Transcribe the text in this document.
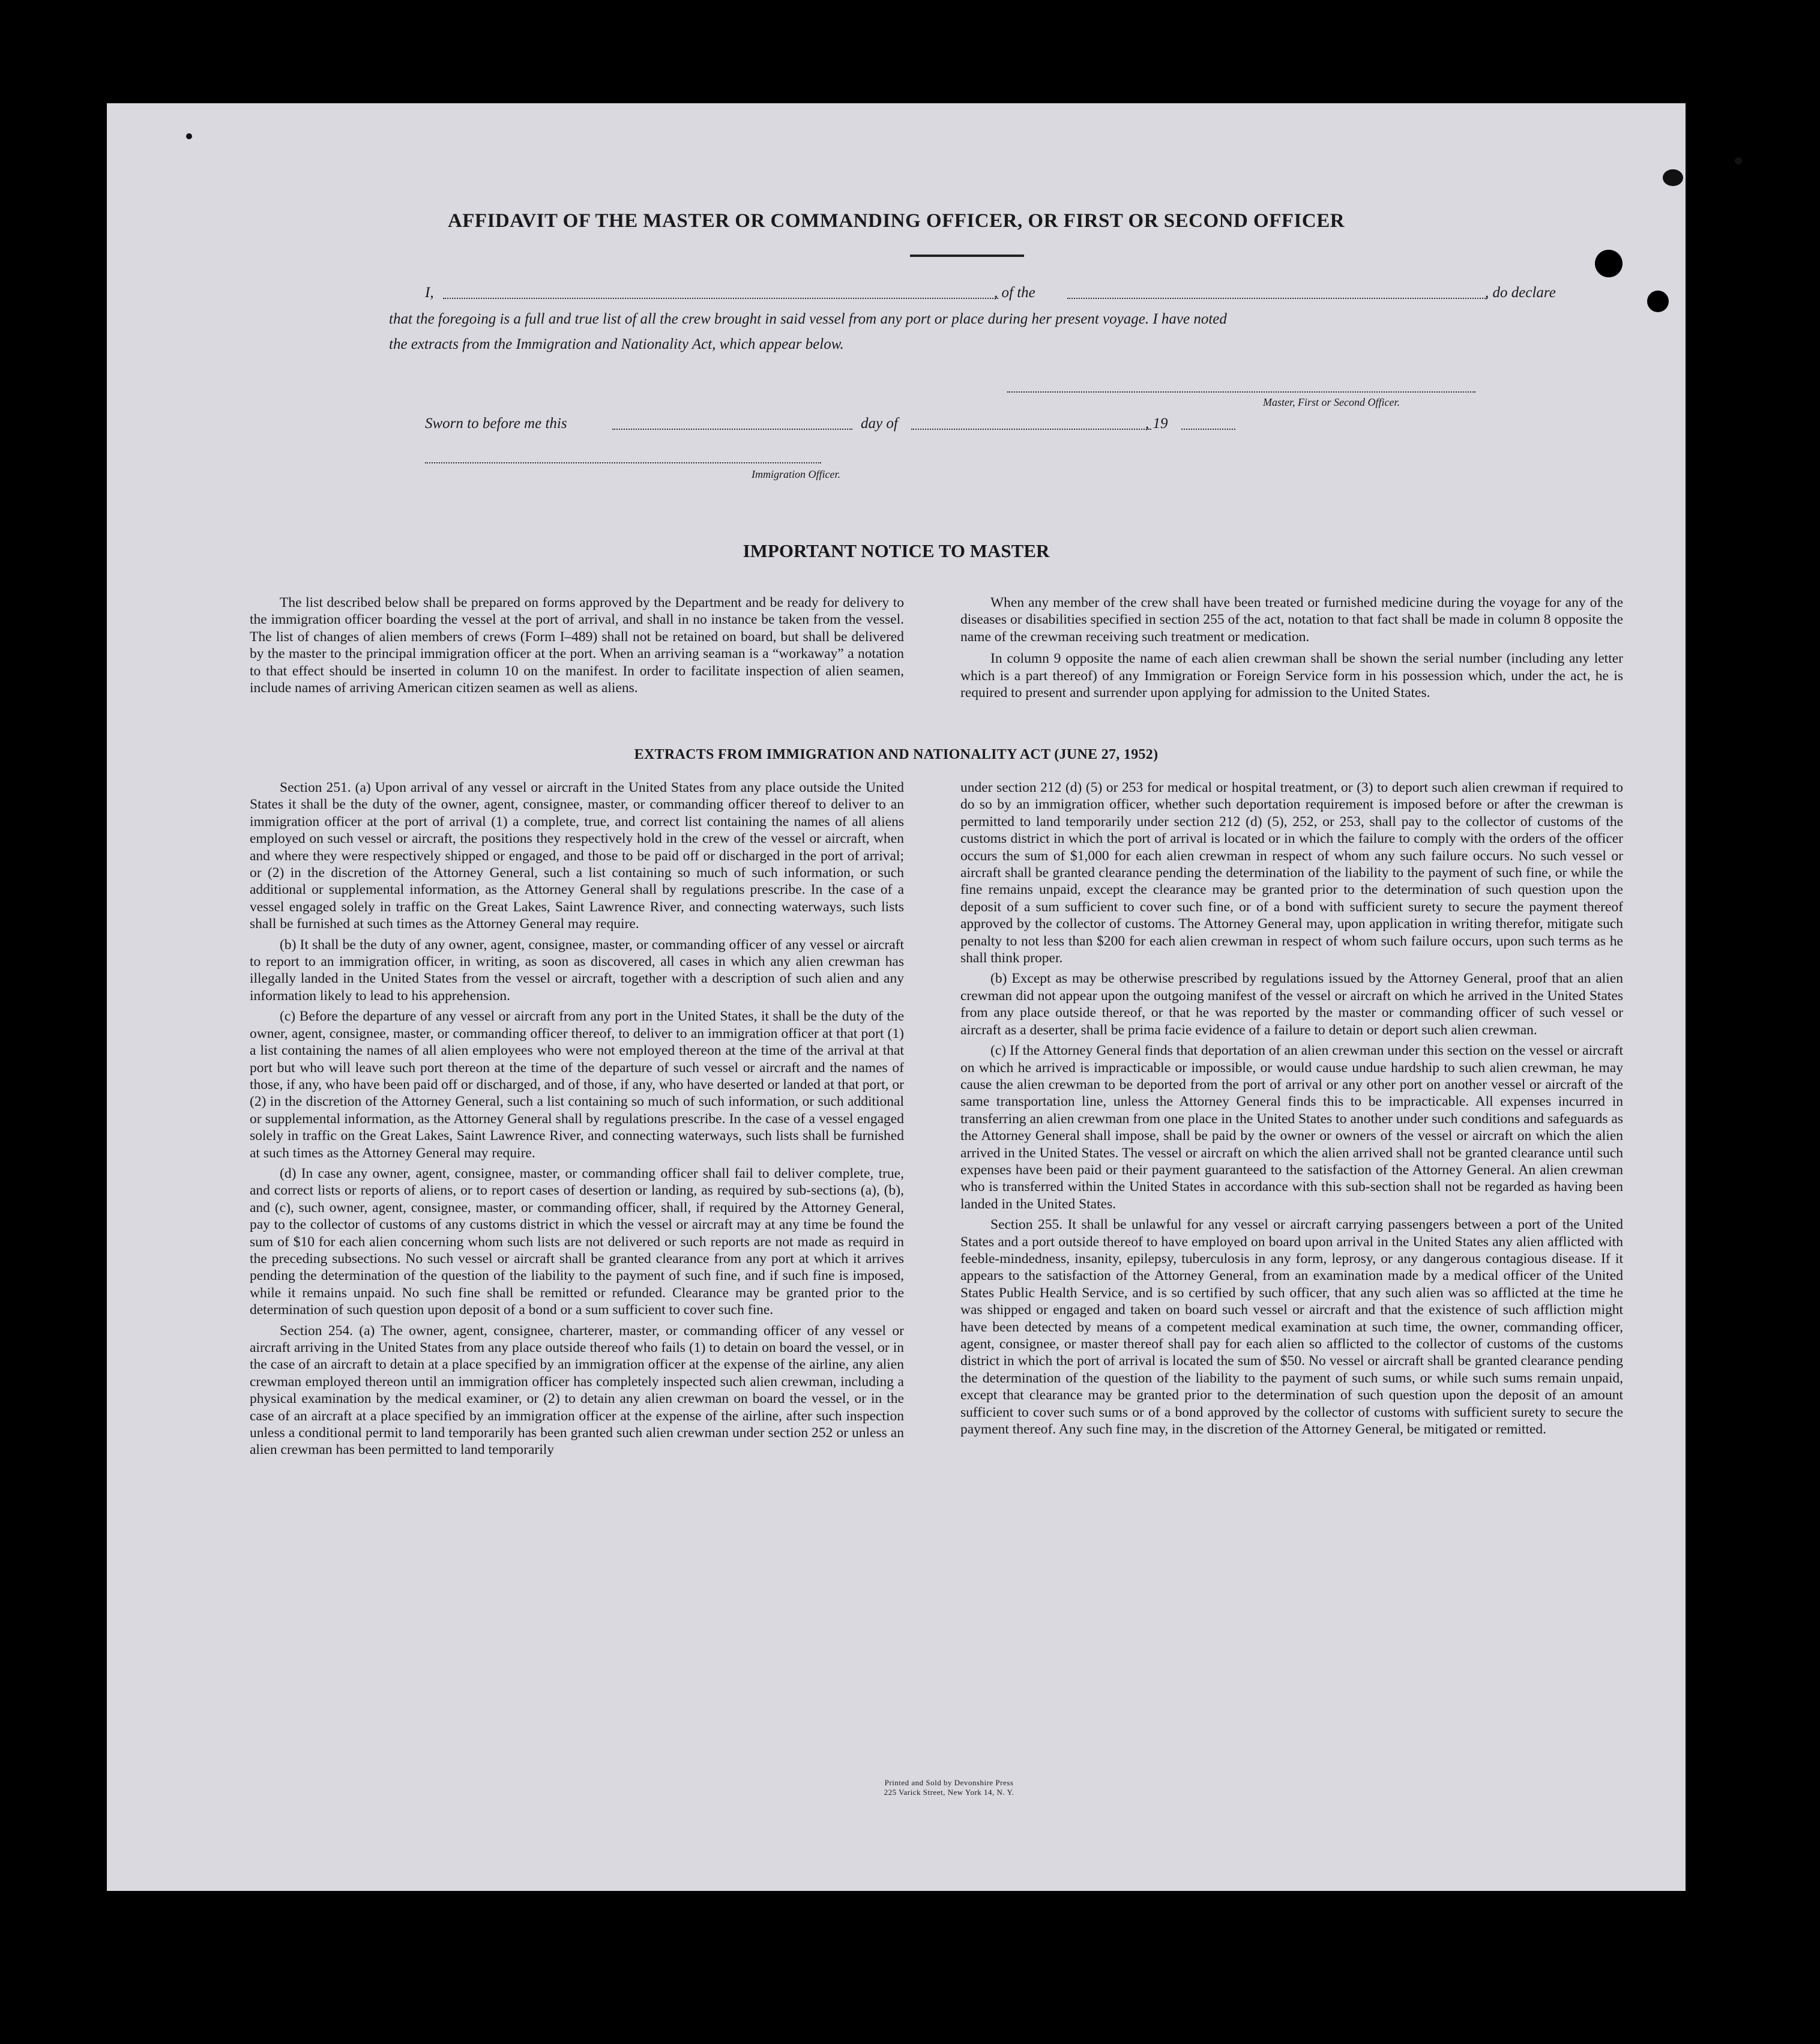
AFFIDAVIT OF THE MASTER OR COMMANDING OFFICER, OR FIRST OR SECOND OFFICER
I,	, of the	, do declare
that the foregoing is a full and true list of all the crew brought in said vessel from any port or place during her present voyage. I have noted
the extracts from the Immigration and Nationality Act, which appear below.
Master, First or Second Officer.
Sworn to before me this	day of	, 19
Immigration Officer.
IMPORTANT NOTICE TO MASTER

The list described below shall be prepared on forms approved by the Department and be ready for delivery to the immigration officer boarding the vessel at the port of arrival, and shall in no instance be taken from the vessel. The list of changes of alien members of crews (Form I–489) shall not be retained on board, but shall be delivered by the master to the principal immigration officer at the port. When an arriving seaman is a “workaway” a notation to that effect should be inserted in column 10 on the manifest. In order to facilitate inspection of alien seamen, include names of arriving American citizen seamen as well as aliens.

When any member of the crew shall have been treated or furnished medicine during the voyage for any of the diseases or disabilities specified in section 255 of the act, notation to that fact shall be made in column 8 opposite the name of the crewman receiving such treatment or medication.

In column 9 opposite the name of each alien crewman shall be shown the serial number (including any letter which is a part thereof) of any Immigration or Foreign Service form in his possession which, under the act, he is required to present and surrender upon applying for admission to the United States.

EXTRACTS FROM IMMIGRATION AND NATIONALITY ACT (JUNE 27, 1952)

Section 251. (a) Upon arrival of any vessel or aircraft in the United States from any place outside the United States it shall be the duty of the owner, agent, consignee, master, or commanding officer thereof to deliver to an immigration officer at the port of arrival (1) a complete, true, and correct list containing the names of all aliens employed on such vessel or aircraft, the positions they respectively hold in the crew of the vessel or aircraft, when and where they were respectively shipped or engaged, and those to be paid off or discharged in the port of arrival; or (2) in the discretion of the Attorney General, such a list containing so much of such information, or such additional or supplemental information, as the Attorney General shall by regulations prescribe. In the case of a vessel engaged solely in traffic on the Great Lakes, Saint Lawrence River, and connecting waterways, such lists shall be furnished at such times as the Attorney General may require.

(b) It shall be the duty of any owner, agent, consignee, master, or commanding officer of any vessel or aircraft to report to an immigration officer, in writing, as soon as discovered, all cases in which any alien crewman has illegally landed in the United States from the vessel or aircraft, together with a description of such alien and any information likely to lead to his apprehension.

(c) Before the departure of any vessel or aircraft from any port in the United States, it shall be the duty of the owner, agent, consignee, master, or commanding officer thereof, to deliver to an immigration officer at that port (1) a list containing the names of all alien employees who were not employed thereon at the time of the arrival at that port but who will leave such port thereon at the time of the departure of such vessel or aircraft and the names of those, if any, who have been paid off or discharged, and of those, if any, who have deserted or landed at that port, or (2) in the discretion of the Attorney General, such a list containing so much of such information, or such additional or supplemental information, as the Attorney General shall by regulations prescribe. In the case of a vessel engaged solely in traffic on the Great Lakes, Saint Lawrence River, and connecting waterways, such lists shall be furnished at such times as the Attorney General may require.

(d) In case any owner, agent, consignee, master, or commanding officer shall fail to deliver complete, true, and correct lists or reports of aliens, or to report cases of desertion or landing, as required by sub-sections (a), (b), and (c), such owner, agent, consignee, master, or commanding officer, shall, if required by the Attorney General, pay to the collector of customs of any customs district in which the vessel or aircraft may at any time be found the sum of $10 for each alien concerning whom such lists are not delivered or such reports are not made as requird in the preceding subsections. No such vessel or aircraft shall be granted clearance from any port at which it arrives pending the determination of the question of the liability to the payment of such fine, and if such fine is imposed, while it remains unpaid. No such fine shall be remitted or refunded. Clearance may be granted prior to the determination of such question upon deposit of a bond or a sum sufficient to cover such fine.

Section 254. (a) The owner, agent, consignee, charterer, master, or commanding officer of any vessel or aircraft arriving in the United States from any place outside thereof who fails (1) to detain on board the vessel, or in the case of an aircraft to detain at a place specified by an immigration officer at the expense of the airline, any alien crewman employed thereon until an immigration officer has completely inspected such alien crewman, including a physical examination by the medical examiner, or (2) to detain any alien crewman on board the vessel, or in the case of an aircraft at a place specified by an immigration officer at the expense of the airline, after such inspection unless a conditional permit to land temporarily has been granted such alien crewman under section 252 or unless an alien crewman has been permitted to land temporarily

under section 212 (d) (5) or 253 for medical or hospital treatment, or (3) to deport such alien crewman if required to do so by an immigration officer, whether such deportation requirement is imposed before or after the crewman is permitted to land temporarily under section 212 (d) (5), 252, or 253, shall pay to the collector of customs of the customs district in which the port of arrival is located or in which the failure to comply with the orders of the officer occurs the sum of $1,000 for each alien crewman in respect of whom any such failure occurs. No such vessel or aircraft shall be granted clearance pending the determination of the liability to the payment of such fine, or while the fine remains unpaid, except the clearance may be granted prior to the determination of such question upon the deposit of a sum sufficient to cover such fine, or of a bond with sufficient surety to secure the payment thereof approved by the collector of customs. The Attorney General may, upon application in writing therefor, mitigate such penalty to not less than $200 for each alien crewman in respect of whom such failure occurs, upon such terms as he shall think proper.

(b) Except as may be otherwise prescribed by regulations issued by the Attorney General, proof that an alien crewman did not appear upon the outgoing manifest of the vessel or aircraft on which he arrived in the United States from any place outside thereof, or that he was reported by the master or commanding officer of such vessel or aircraft as a deserter, shall be prima facie evidence of a failure to detain or deport such alien crewman.

(c) If the Attorney General finds that deportation of an alien crewman under this section on the vessel or aircraft on which he arrived is impracticable or impossible, or would cause undue hardship to such alien crewman, he may cause the alien crewman to be deported from the port of arrival or any other port on another vessel or aircraft of the same transportation line, unless the Attorney General finds this to be impracticable. All expenses incurred in transferring an alien crewman from one place in the United States to another under such conditions and safeguards as the Attorney General shall impose, shall be paid by the owner or owners of the vessel or aircraft on which the alien arrived in the United States. The vessel or aircraft on which the alien arrived shall not be granted clearance until such expenses have been paid or their payment guaranteed to the satisfaction of the Attorney General. An alien crewman who is transferred within the United States in accordance with this sub-section shall not be regarded as having been landed in the United States.

Section 255. It shall be unlawful for any vessel or aircraft carrying passengers between a port of the United States and a port outside thereof to have employed on board upon arrival in the United States any alien afflicted with feeble-mindedness, insanity, epilepsy, tuberculosis in any form, leprosy, or any dangerous contagious disease. If it appears to the satisfaction of the Attorney General, from an examination made by a medical officer of the United States Public Health Service, and is so certified by such officer, that any such alien was so afflicted at the time he was shipped or engaged and taken on board such vessel or aircraft and that the existence of such affliction might have been detected by means of a competent medical examination at such time, the owner, commanding officer, agent, consignee, or master thereof shall pay for each alien so afflicted to the collector of customs of the customs district in which the port of arrival is located the sum of $50. No vessel or aircraft shall be granted clearance pending the determination of the question of the liability to the payment of such sums, or while such sums remain unpaid, except that clearance may be granted prior to the determination of such question upon the deposit of an amount sufficient to cover such sums or of a bond approved by the collector of customs with sufficient surety to secure the payment thereof. Any such fine may, in the discretion of the Attorney General, be mitigated or remitted.

Printed and Sold by Devonshire Press
225 Varick Street, New York 14, N. Y.
